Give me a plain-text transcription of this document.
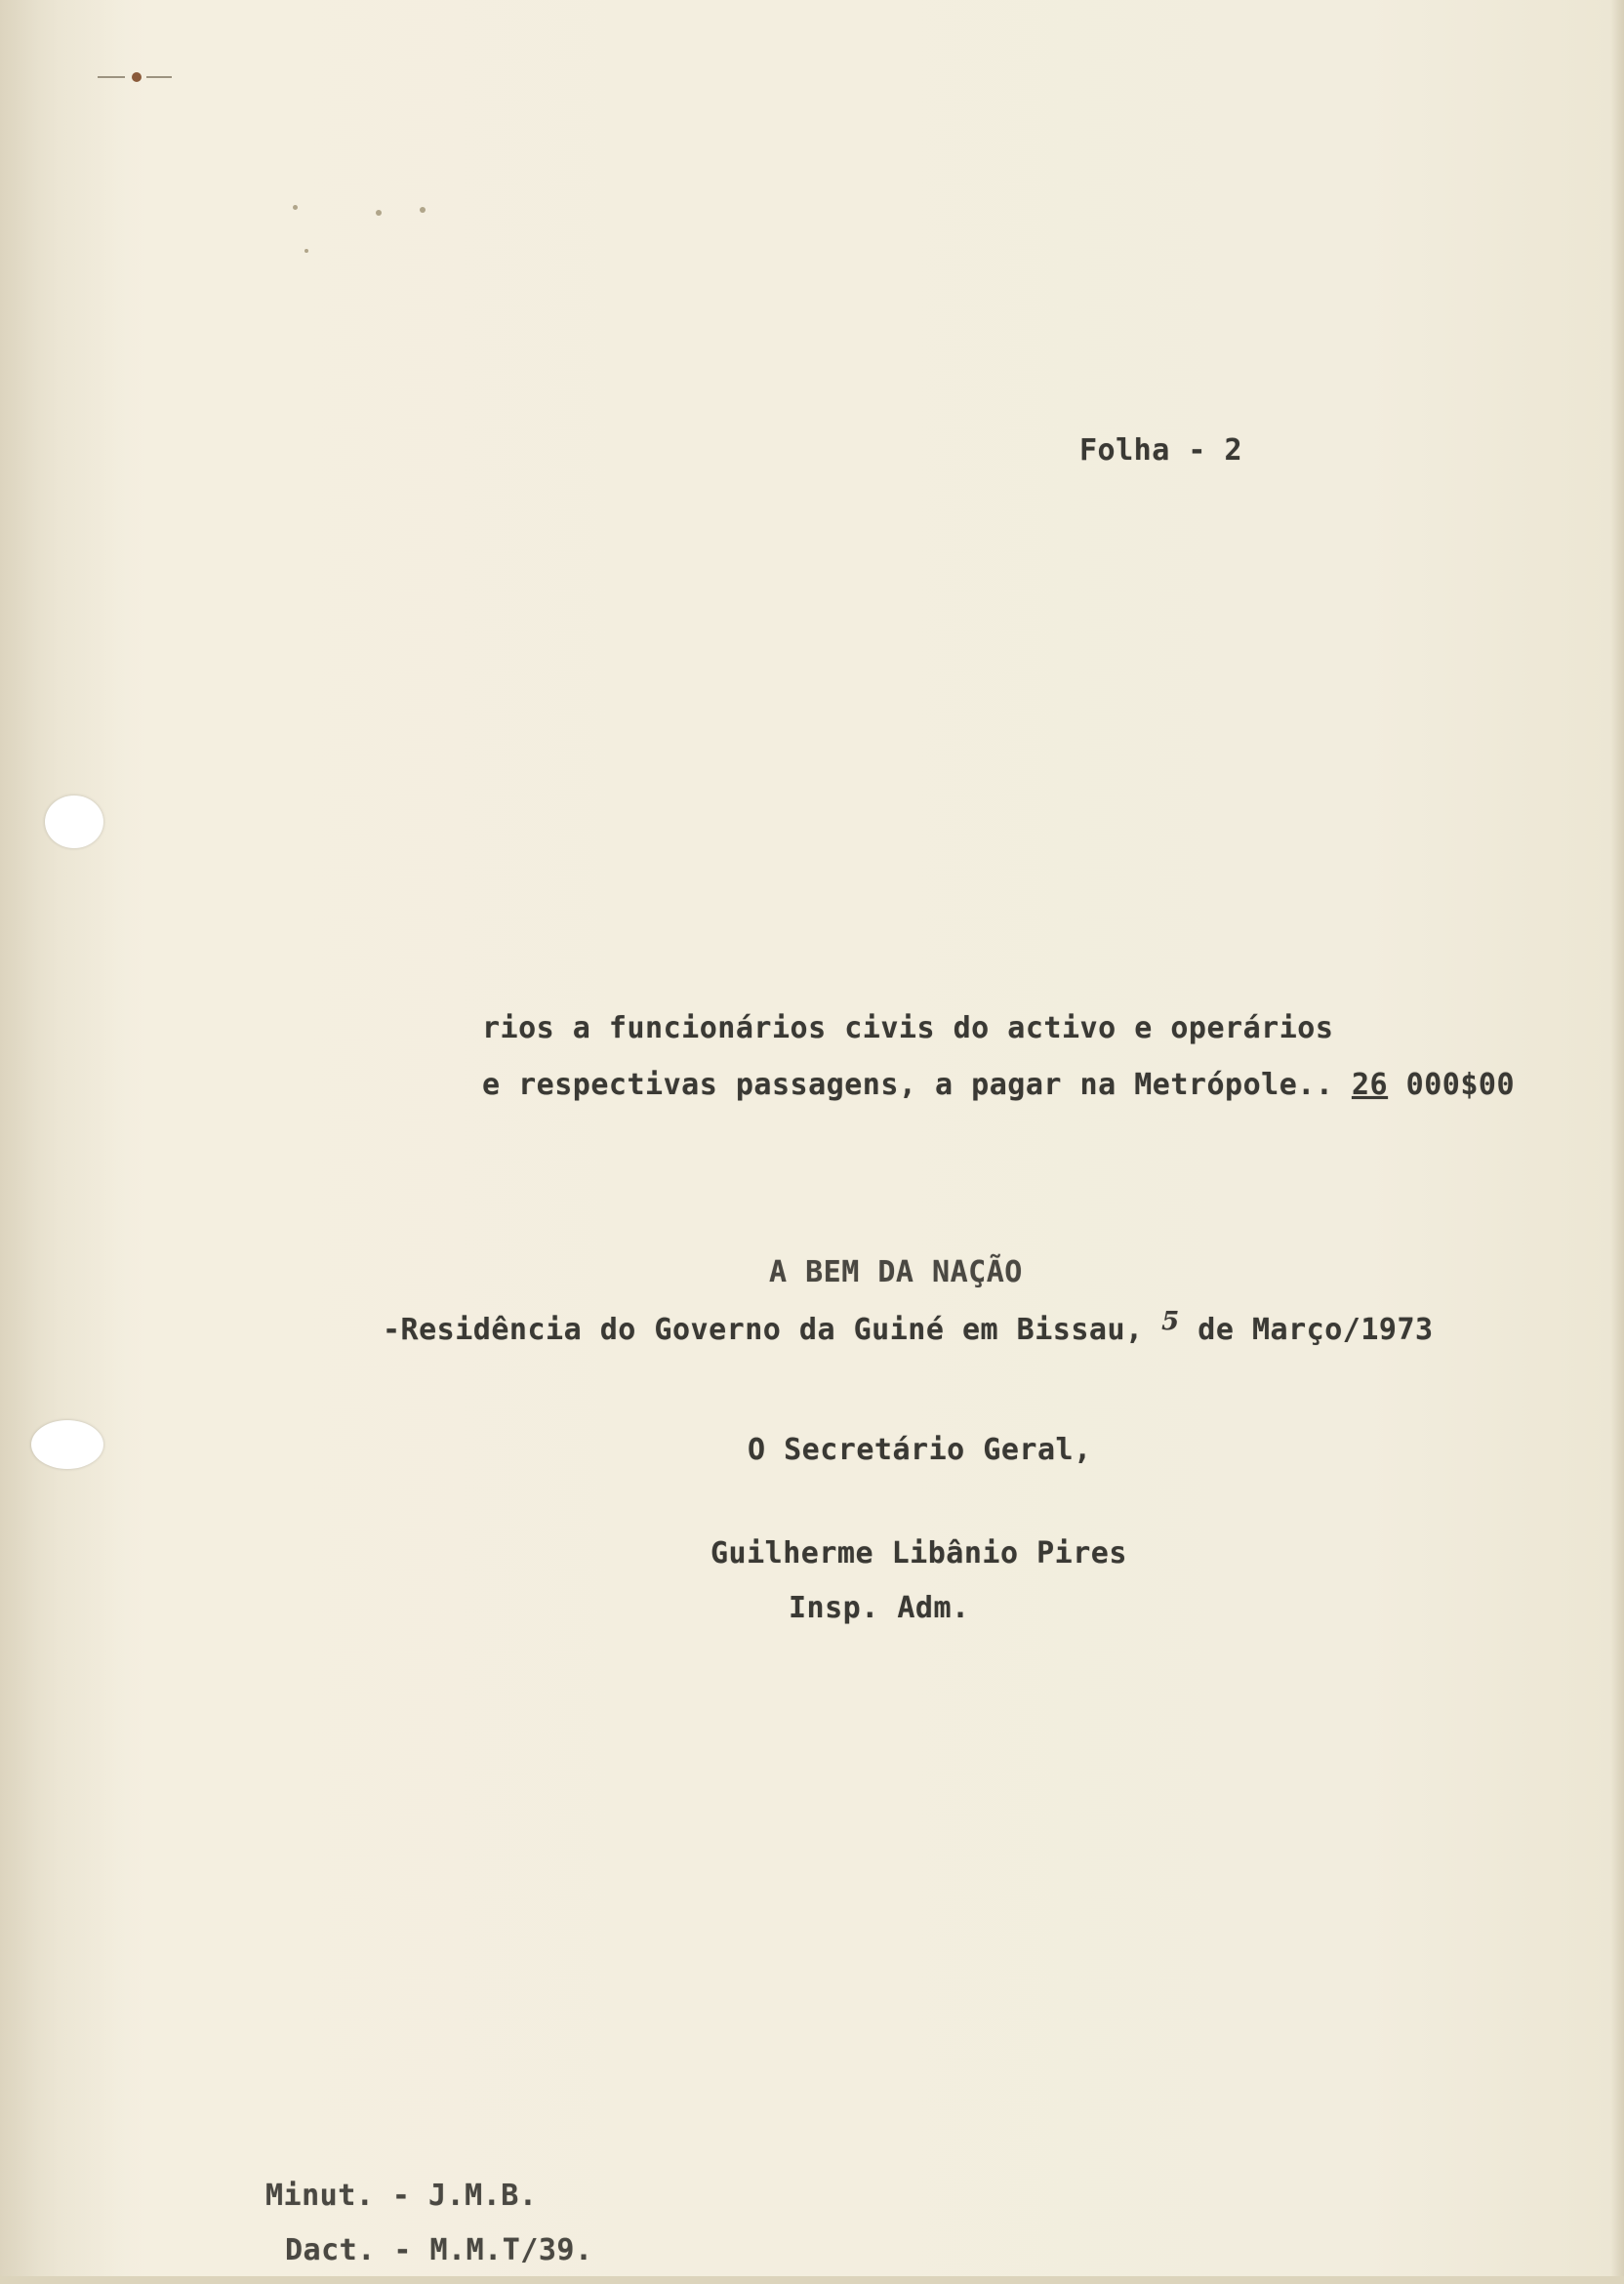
Folha - 2
rios a funcionários civis do activo e operários
e respectivas passagens, a pagar na Metrópole.. 26 000$00
A BEM DA NAÇÃO
-Residência do Governo da Guiné em Bissau, 5 de Março/1973
O Secretário Geral,
Guilherme Libânio Pires
Insp. Adm.
Minut. - J.M.B.
Dact. - M.M.T/39.
